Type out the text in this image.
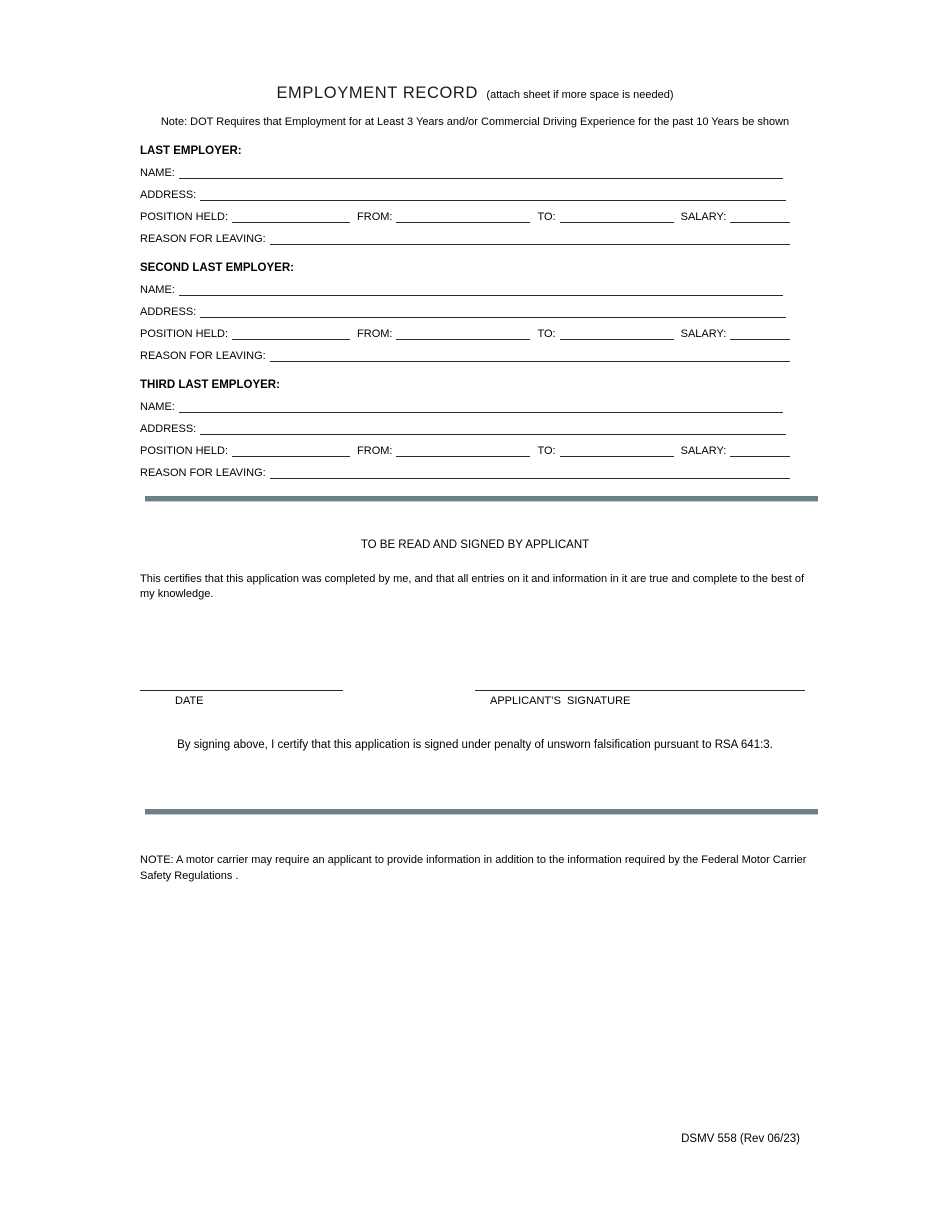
EMPLOYMENT RECORD (attach sheet if more space is needed)
Note: DOT Requires that Employment for at Least 3 Years and/or Commercial Driving Experience for the past 10 Years be shown
LAST EMPLOYER:
NAME:
ADDRESS:
POSITION HELD:	FROM:	TO:	SALARY:
REASON FOR LEAVING:
SECOND LAST EMPLOYER:
NAME:
ADDRESS:
POSITION HELD:	FROM:	TO:	SALARY:
REASON FOR LEAVING:
THIRD LAST EMPLOYER:
NAME:
ADDRESS:
POSITION HELD:	FROM:	TO:	SALARY:
REASON FOR LEAVING:
TO BE READ AND SIGNED BY APPLICANT

This certifies that this application was completed by me, and that all entries on it and information in it are true and complete to the best of my knowledge.

DATE	APPLICANT’S  SIGNATURE
By signing above, I certify that this application is signed under penalty of unsworn falsification pursuant to RSA 641:3.

NOTE: A motor carrier may require an applicant to provide information in addition to the information required by the Federal Motor Carrier Safety Regulations .

DSMV 558 (Rev 06/23)
